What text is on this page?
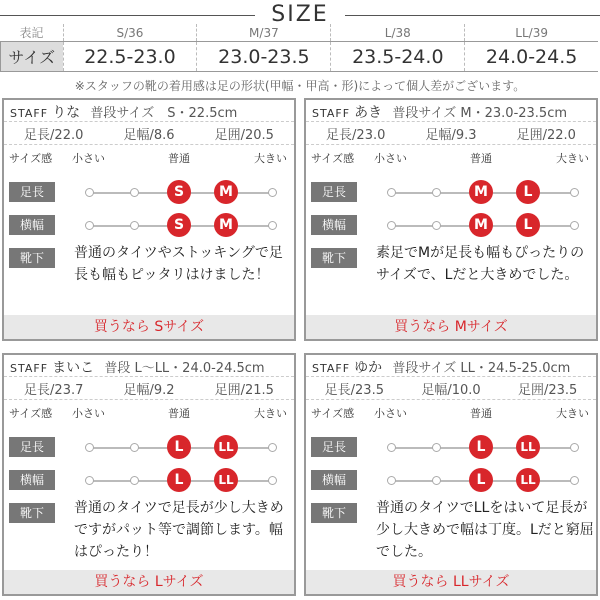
SIZE
表記	S/36	M/37	L/38	LL/39
サイズ	22.5-23.0	23.0-23.5	23.5-24.0	24.0-24.5
※スタッフの靴の着用感は足の形状(甲幅・甲高・形)によって個人差がございます。
STAFF りな 普段サイズ　S・22.5cm
足長/22.0	足幅/8.6	足囲/20.5
サイズ感 小さい	普通	大きい
足長
横幅
靴下	普通のタイツやストッキングで足長も幅もピッタリはけました！
買うなら Sサイズ
S	M
S	M
STAFF あき 普段サイズ M・23.0-23.5cm
足長/23.0	足幅/9.3	足囲/22.0
サイズ感 小さい	普通	大きい
足長
横幅
靴下	素足でMが足長も幅もぴったりのサイズで、Lだと大きめでした。
買うなら Mサイズ
M	L
M	L
STAFF まいこ 普段 L〜LL・24.0-24.5cm
足長/23.7	足幅/9.2	足囲/21.5
サイズ感 小さい	普通	大きい
足長
横幅
靴下	普通のタイツで足長が少し大きめですがパット等で調節します。幅はぴったり！
買うなら Lサイズ
L	LL
L	LL
STAFF ゆか 普段サイズ LL・24.5-25.0cm
足長/23.5	足幅/10.0	足囲/23.5
サイズ感 小さい	普通	大きい
足長
横幅
靴下	普通のタイツでLLをはいて足長が少し大きめで幅は丁度。Lだと窮屈でした。
買うなら LLサイズ
L	LL
L	LL
